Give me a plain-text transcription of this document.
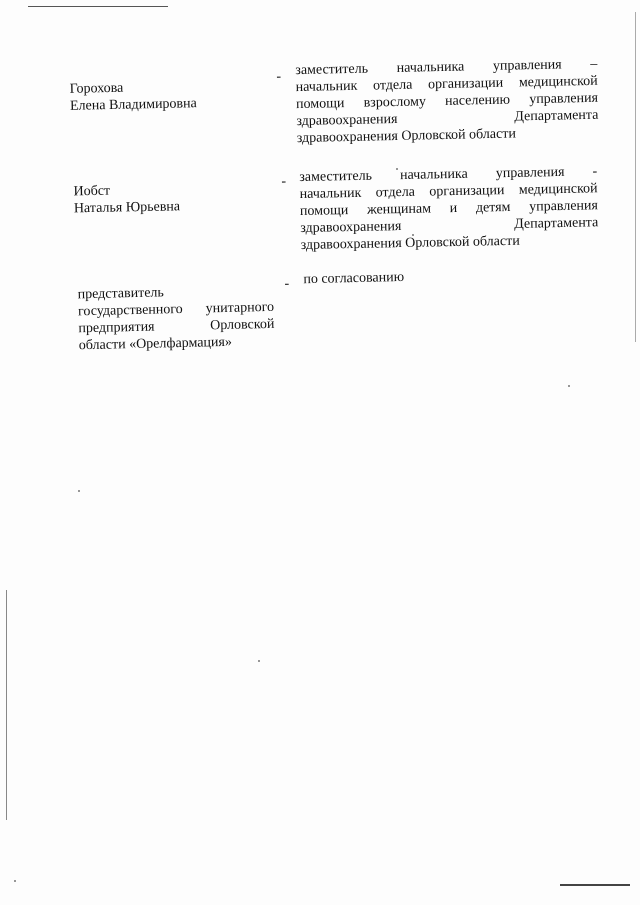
Горохова
Елена Владимировна
- заместитель начальника управления –
начальник отдела организации медицинской
помощи взрослому населению управления
здравоохранения Департамента
здравоохранения Орловской области
Иобст
Наталья Юрьевна
- заместитель начальника управления -
начальник отдела организации медицинской
помощи женщинам и детям управления
здравоохранения Департамента
здравоохранения Орловской области
представитель
государственного унитарного
предприятия Орловской
области «Орелфармация»
- по согласованию
